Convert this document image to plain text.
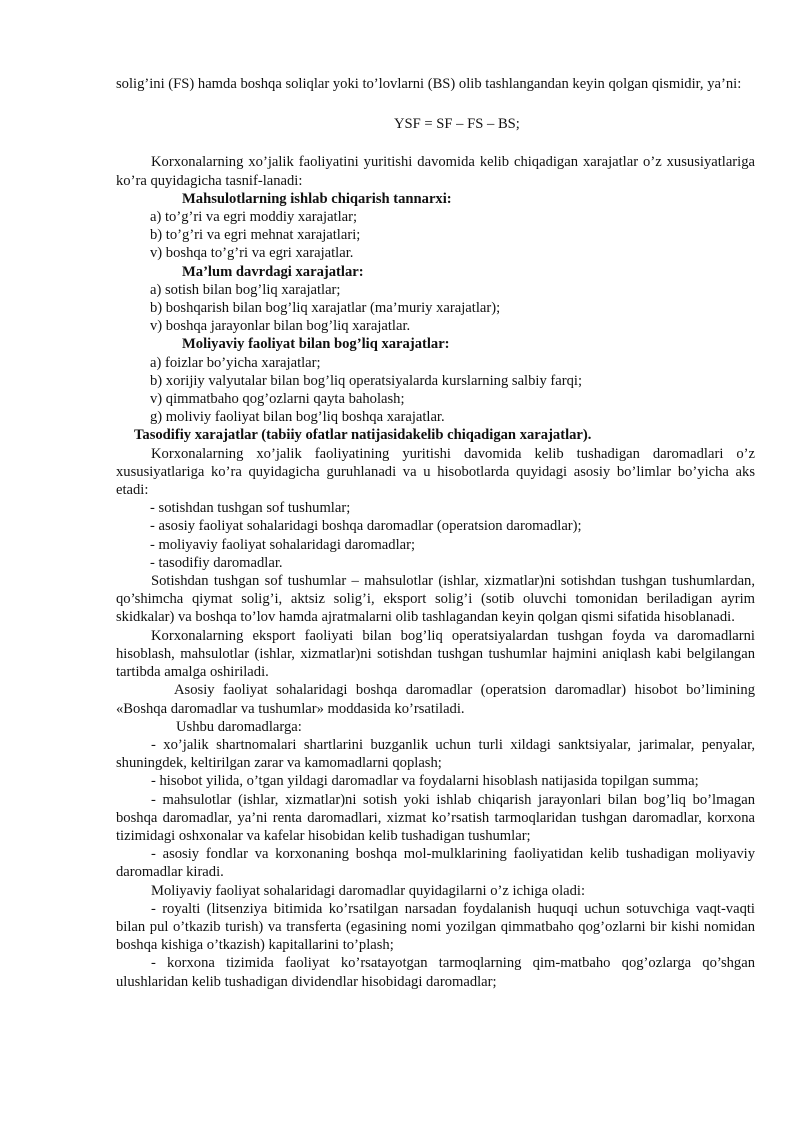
solig’ini (FS) hamda boshqa soliqlar yoki to’lovlarni (BS) olib tashlangandan keyin qolgan qismidir, ya’ni:

YSF = SF – FS – BS;

Korxonalarning xo’jalik faoliyatini yuritishi davomida kelib chiqadigan xarajatlar o’z xususiyatlariga ko’ra quyidagicha tasnif-lanadi:

Mahsulotlarning ishlab chiqarish tannarxi:

a) to’g’ri va egri moddiy xarajatlar;

b) to’g’ri va egri mehnat xarajatlari;

v) boshqa to’g’ri va egri xarajatlar.

Ma’lum davrdagi xarajatlar:

a) sotish bilan bog’liq xarajatlar;

b) boshqarish bilan bog’liq xarajatlar (ma’muriy xarajatlar);

v) boshqa jarayonlar bilan bog’liq xarajatlar.

Moliyaviy faoliyat bilan bog’liq xarajatlar:

a) foizlar bo’yicha xarajatlar;

b) xorijiy valyutalar bilan bog’liq operatsiyalarda kurslarning salbiy farqi;

v) qimmatbaho qog’ozlarni qayta baholash;

g) moliviy faoliyat bilan bog’liq boshqa xarajatlar.

Tasodifiy xarajatlar (tabiiy ofatlar natijasidakelib chiqadigan xarajatlar).

Korxonalarning xo’jalik faoliyatining yuritishi davomida kelib tushadigan daromadlari o’z xususiyatlariga ko’ra quyidagicha guruhlanadi va u hisobotlarda quyidagi asosiy bo’limlar bo’yicha aks etadi:

- sotishdan tushgan sof tushumlar;

- asosiy faoliyat sohalaridagi boshqa daromadlar (operatsion daromadlar);

- moliyaviy faoliyat sohalaridagi daromadlar;

- tasodifiy daromadlar.

Sotishdan tushgan sof tushumlar – mahsulotlar (ishlar, xizmatlar)ni sotishdan tushgan tushumlardan, qo’shimcha qiymat solig’i, aktsiz solig’i, eksport solig’i (sotib oluvchi tomonidan beriladigan ayrim skidkalar) va boshqa to’lov hamda ajratmalarni olib tashlagandan keyin qolgan qismi sifatida hisoblanadi.

Korxonalarning eksport faoliyati bilan bog’liq operatsiyalardan tushgan foyda va daromadlarni hisoblash, mahsulotlar (ishlar, xizmatlar)ni sotishdan tushgan tushumlar hajmini aniqlash kabi belgilangan tartibda amalga oshiriladi.

Asosiy faoliyat sohalaridagi boshqa daromadlar (operatsion daromadlar) hisobot bo’limining «Boshqa daromadlar va tushumlar» moddasida ko’rsatiladi.

Ushbu daromadlarga:

- xo’jalik shartnomalari shartlarini buzganlik uchun turli xildagi sanktsiyalar, jarimalar, penyalar, shuningdek, keltirilgan zarar va kamomadlarni qoplash;

- hisobot yilida, o’tgan yildagi daromadlar va foydalarni hisoblash natijasida topilgan summa;

- mahsulotlar (ishlar, xizmatlar)ni sotish yoki ishlab chiqarish jarayonlari bilan bog’liq bo’lmagan boshqa daromadlar, ya’ni renta daromadlari, xizmat ko’rsatish tarmoqlaridan tushgan daromadlar, korxona tizimidagi oshxonalar va kafelar hisobidan kelib tushadigan tushumlar;

- asosiy fondlar va korxonaning boshqa mol-mulklarining faoliyatidan kelib tushadigan moliyaviy daromadlar kiradi.

Moliyaviy faoliyat sohalaridagi daromadlar quyidagilarni o’z ichiga oladi:

- royalti (litsenziya bitimida ko’rsatilgan narsadan foydalanish huquqi uchun sotuvchiga vaqt-vaqti bilan pul o’tkazib turish) va transferta (egasining nomi yozilgan qimmatbaho qog’ozlarni bir kishi nomidan boshqa kishiga o’tkazish) kapitallarini to’plash;

- korxona tizimida faoliyat ko’rsatayotgan tarmoqlarning qim-matbaho qog’ozlarga qo’shgan ulushlaridan kelib tushadigan dividendlar hisobidagi daromadlar;
